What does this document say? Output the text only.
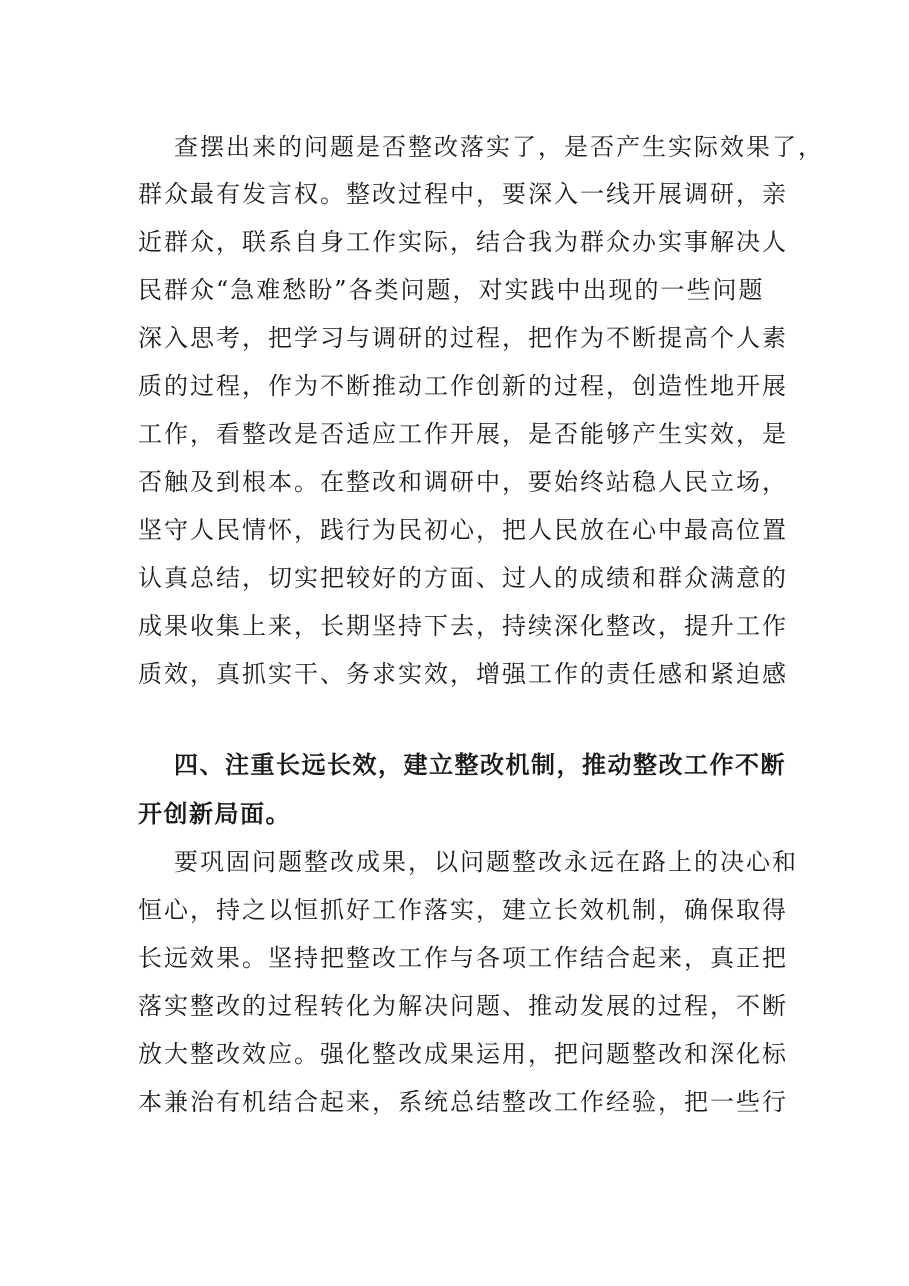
查摆出来的问题是否整改落实了，是否产生实际效果了，
群众最有发言权。整改过程中，要深入一线开展调研，亲
近群众，联系自身工作实际，结合我为群众办实事解决人
民群众“急难愁盼”各类问题，对实践中出现的一些问题
深入思考，把学习与调研的过程，把作为不断提高个人素
质的过程，作为不断推动工作创新的过程，创造性地开展
工作，看整改是否适应工作开展，是否能够产生实效，是
否触及到根本。在整改和调研中，要始终站稳人民立场，
坚守人民情怀，践行为民初心，把人民放在心中最高位置
认真总结，切实把较好的方面、过人的成绩和群众满意的
成果收集上来，长期坚持下去，持续深化整改，提升工作
质效，真抓实干、务求实效，增强工作的责任感和紧迫感
四、注重长远长效，建立整改机制，推动整改工作不断
开创新局面。
要巩固问题整改成果，以问题整改永远在路上的决心和
恒心，持之以恒抓好工作落实，建立长效机制，确保取得
长远效果。坚持把整改工作与各项工作结合起来，真正把
落实整改的过程转化为解决问题、推动发展的过程，不断
放大整改效应。强化整改成果运用，把问题整改和深化标
本兼治有机结合起来，系统总结整改工作经验，把一些行
